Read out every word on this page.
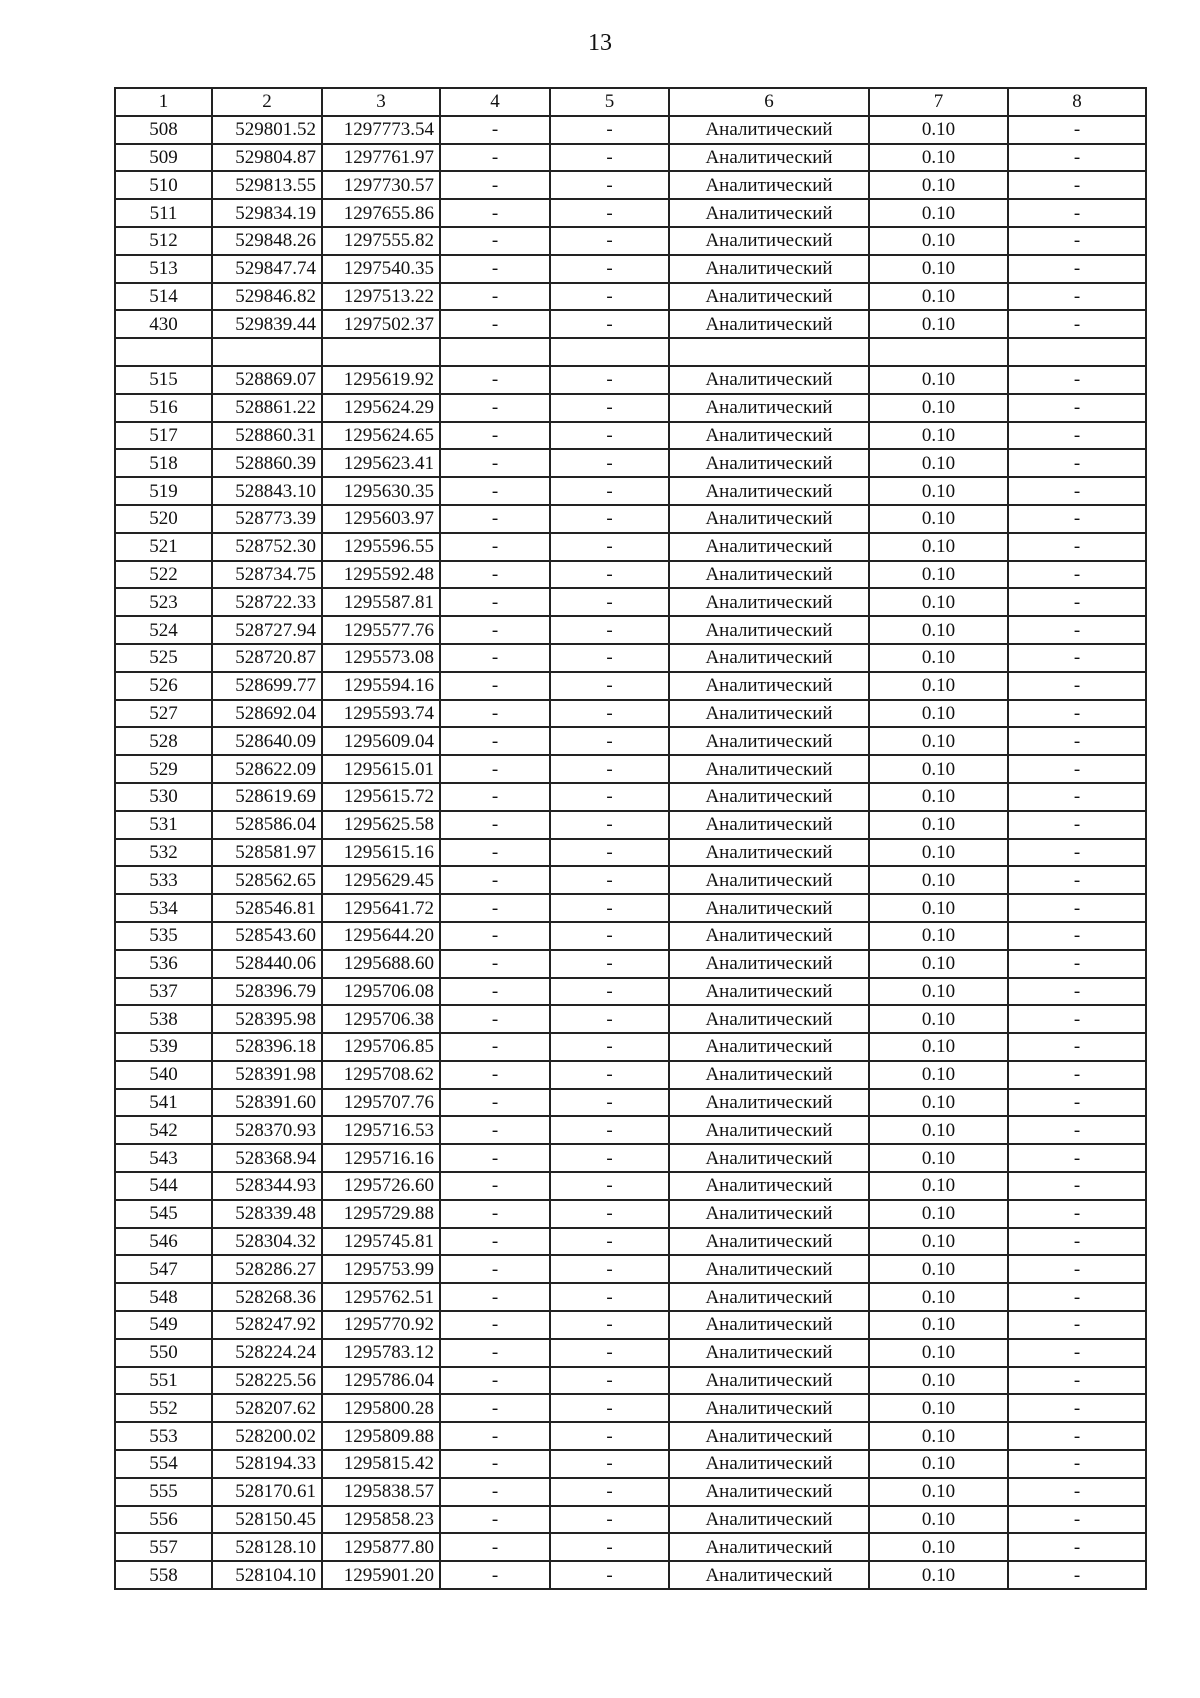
13
1	2	3	4	5	6	7	8
508	529801.52	1297773.54	-	-	Аналитический	0.10	-
509	529804.87	1297761.97	-	-	Аналитический	0.10	-
510	529813.55	1297730.57	-	-	Аналитический	0.10	-
511	529834.19	1297655.86	-	-	Аналитический	0.10	-
512	529848.26	1297555.82	-	-	Аналитический	0.10	-
513	529847.74	1297540.35	-	-	Аналитический	0.10	-
514	529846.82	1297513.22	-	-	Аналитический	0.10	-
430	529839.44	1297502.37	-	-	Аналитический	0.10	-

515	528869.07	1295619.92	-	-	Аналитический	0.10	-
516	528861.22	1295624.29	-	-	Аналитический	0.10	-
517	528860.31	1295624.65	-	-	Аналитический	0.10	-
518	528860.39	1295623.41	-	-	Аналитический	0.10	-
519	528843.10	1295630.35	-	-	Аналитический	0.10	-
520	528773.39	1295603.97	-	-	Аналитический	0.10	-
521	528752.30	1295596.55	-	-	Аналитический	0.10	-
522	528734.75	1295592.48	-	-	Аналитический	0.10	-
523	528722.33	1295587.81	-	-	Аналитический	0.10	-
524	528727.94	1295577.76	-	-	Аналитический	0.10	-
525	528720.87	1295573.08	-	-	Аналитический	0.10	-
526	528699.77	1295594.16	-	-	Аналитический	0.10	-
527	528692.04	1295593.74	-	-	Аналитический	0.10	-
528	528640.09	1295609.04	-	-	Аналитический	0.10	-
529	528622.09	1295615.01	-	-	Аналитический	0.10	-
530	528619.69	1295615.72	-	-	Аналитический	0.10	-
531	528586.04	1295625.58	-	-	Аналитический	0.10	-
532	528581.97	1295615.16	-	-	Аналитический	0.10	-
533	528562.65	1295629.45	-	-	Аналитический	0.10	-
534	528546.81	1295641.72	-	-	Аналитический	0.10	-
535	528543.60	1295644.20	-	-	Аналитический	0.10	-
536	528440.06	1295688.60	-	-	Аналитический	0.10	-
537	528396.79	1295706.08	-	-	Аналитический	0.10	-
538	528395.98	1295706.38	-	-	Аналитический	0.10	-
539	528396.18	1295706.85	-	-	Аналитический	0.10	-
540	528391.98	1295708.62	-	-	Аналитический	0.10	-
541	528391.60	1295707.76	-	-	Аналитический	0.10	-
542	528370.93	1295716.53	-	-	Аналитический	0.10	-
543	528368.94	1295716.16	-	-	Аналитический	0.10	-
544	528344.93	1295726.60	-	-	Аналитический	0.10	-
545	528339.48	1295729.88	-	-	Аналитический	0.10	-
546	528304.32	1295745.81	-	-	Аналитический	0.10	-
547	528286.27	1295753.99	-	-	Аналитический	0.10	-
548	528268.36	1295762.51	-	-	Аналитический	0.10	-
549	528247.92	1295770.92	-	-	Аналитический	0.10	-
550	528224.24	1295783.12	-	-	Аналитический	0.10	-
551	528225.56	1295786.04	-	-	Аналитический	0.10	-
552	528207.62	1295800.28	-	-	Аналитический	0.10	-
553	528200.02	1295809.88	-	-	Аналитический	0.10	-
554	528194.33	1295815.42	-	-	Аналитический	0.10	-
555	528170.61	1295838.57	-	-	Аналитический	0.10	-
556	528150.45	1295858.23	-	-	Аналитический	0.10	-
557	528128.10	1295877.80	-	-	Аналитический	0.10	-
558	528104.10	1295901.20	-	-	Аналитический	0.10	-
